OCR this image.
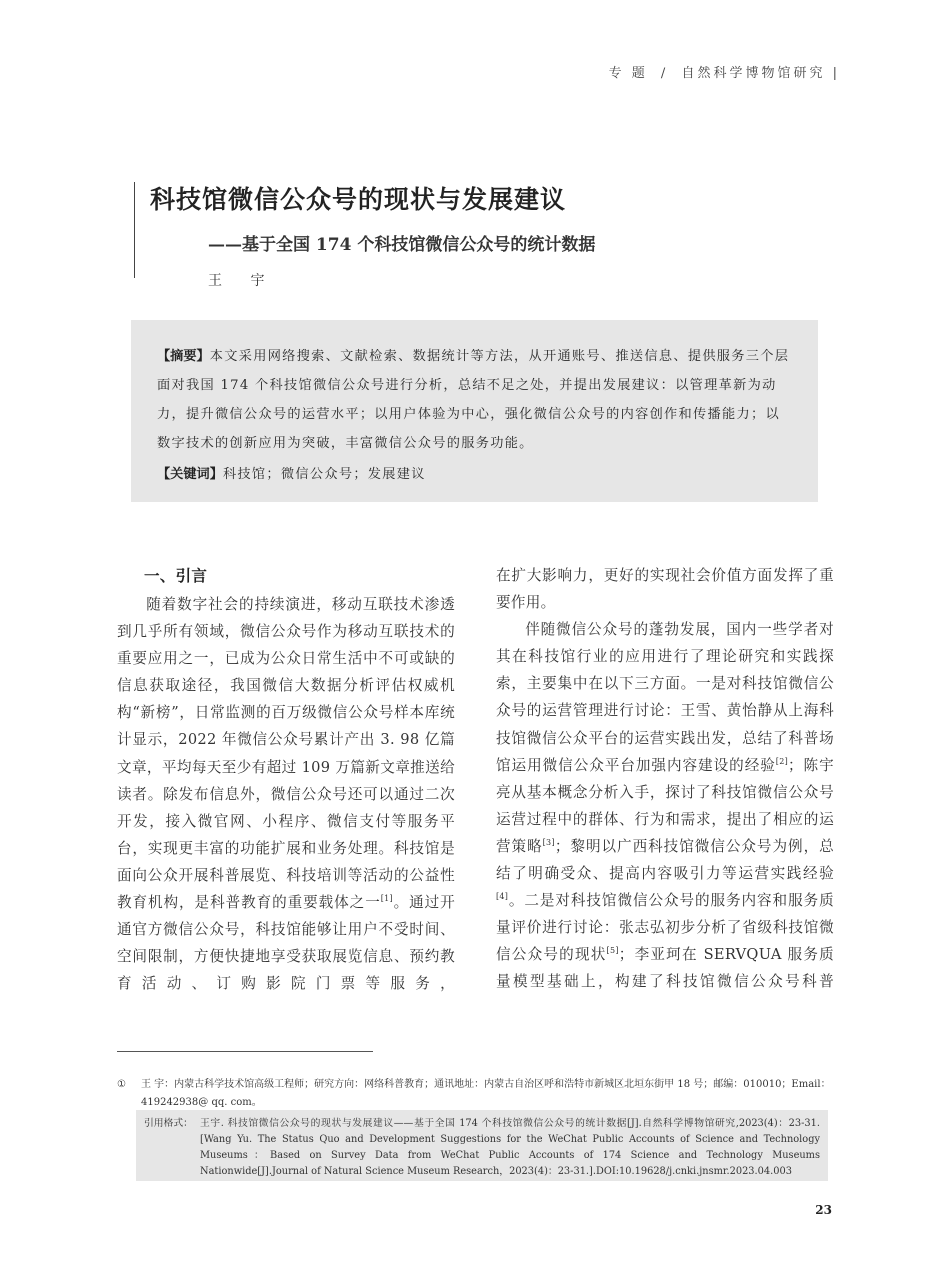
专 题 / 自然科学博物馆研究 |
科技馆微信公众号的现状与发展建议
——基于全国 174 个科技馆微信公众号的统计数据
王 宇

【摘要】本文采用网络搜索、文献检索、数据统计等方法，从开通账号、推送信息、提供服务三个层面对我国 174 个科技馆微信公众号进行分析，总结不足之处，并提出发展建议：以管理革新为动力，提升微信公众号的运营水平；以用户体验为中心，强化微信公众号的内容创作和传播能力；以数字技术的创新应用为突破，丰富微信公众号的服务功能。

【关键词】科技馆；微信公众号；发展建议

一、引言

随着数字社会的持续演进，移动互联技术渗透到几乎所有领域，微信公众号作为移动互联技术的重要应用之一，已成为公众日常生活中不可或缺的信息获取途径，我国微信大数据分析评估权威机构“新榜”，日常监测的百万级微信公众号样本库统计显示，2022 年微信公众号累计产出 3. 98 亿篇文章，平均每天至少有超过 109 万篇新文章推送给读者。除发布信息外，微信公众号还可以通过二次开发，接入微官网、小程序、微信支付等服务平台，实现更丰富的功能扩展和业务处理。科技馆是面向公众开展科普展览、科技培训等活动的公益性教育机构，是科普教育的重要载体之一[1]。通过开通官方微信公众号，科技馆能够让用户不受时间、空间限制，方便快捷地享受获取展览信息、预约教育活动、订购影院门票等服务，

在扩大影响力，更好的实现社会价值方面发挥了重要作用。

伴随微信公众号的蓬勃发展，国内一些学者对其在科技馆行业的应用进行了理论研究和实践探索，主要集中在以下三方面。一是对科技馆微信公众号的运营管理进行讨论：王雪、黄怡静从上海科技馆微信公众平台的运营实践出发，总结了科普场馆运用微信公众平台加强内容建设的经验[2]；陈宇亮从基本概念分析入手，探讨了科技馆微信公众号运营过程中的群体、行为和需求，提出了相应的运营策略[3]；黎明以广西科技馆微信公众号为例，总结了明确受众、提高内容吸引力等运营实践经验[4]。二是对科技馆微信公众号的服务内容和服务质量评价进行讨论：张志弘初步分析了省级科技馆微信公众号的现状[5]；李亚珂在 SERVQUA 服务质量模型基础上，构建了科技馆微信公众号科普

① 王 宇：内蒙古科学技术馆高级工程师；研究方向：网络科普教育；通讯地址：内蒙古自治区呼和浩特市新城区北垣东街甲 18 号；邮编：010010；Email：419242938@ qq. com。
引用格式： 王宇. 科技馆微信公众号的现状与发展建议——基于全国 174 个科技馆微信公众号的统计数据[J].自然科学博物馆研究,2023(4)：23-31.[Wang Yu. The Status Quo and Development Suggestions for the WeChat Public Accounts of Science and Technology Museums：Based on Survey Data from WeChat Public Accounts of 174 Science and Technology Museums Nationwide[J].Journal of Natural Science Museum Research，2023(4)：23-31.].DOI:10.19628/j.cnki.jnsmr.2023.04.003
23
